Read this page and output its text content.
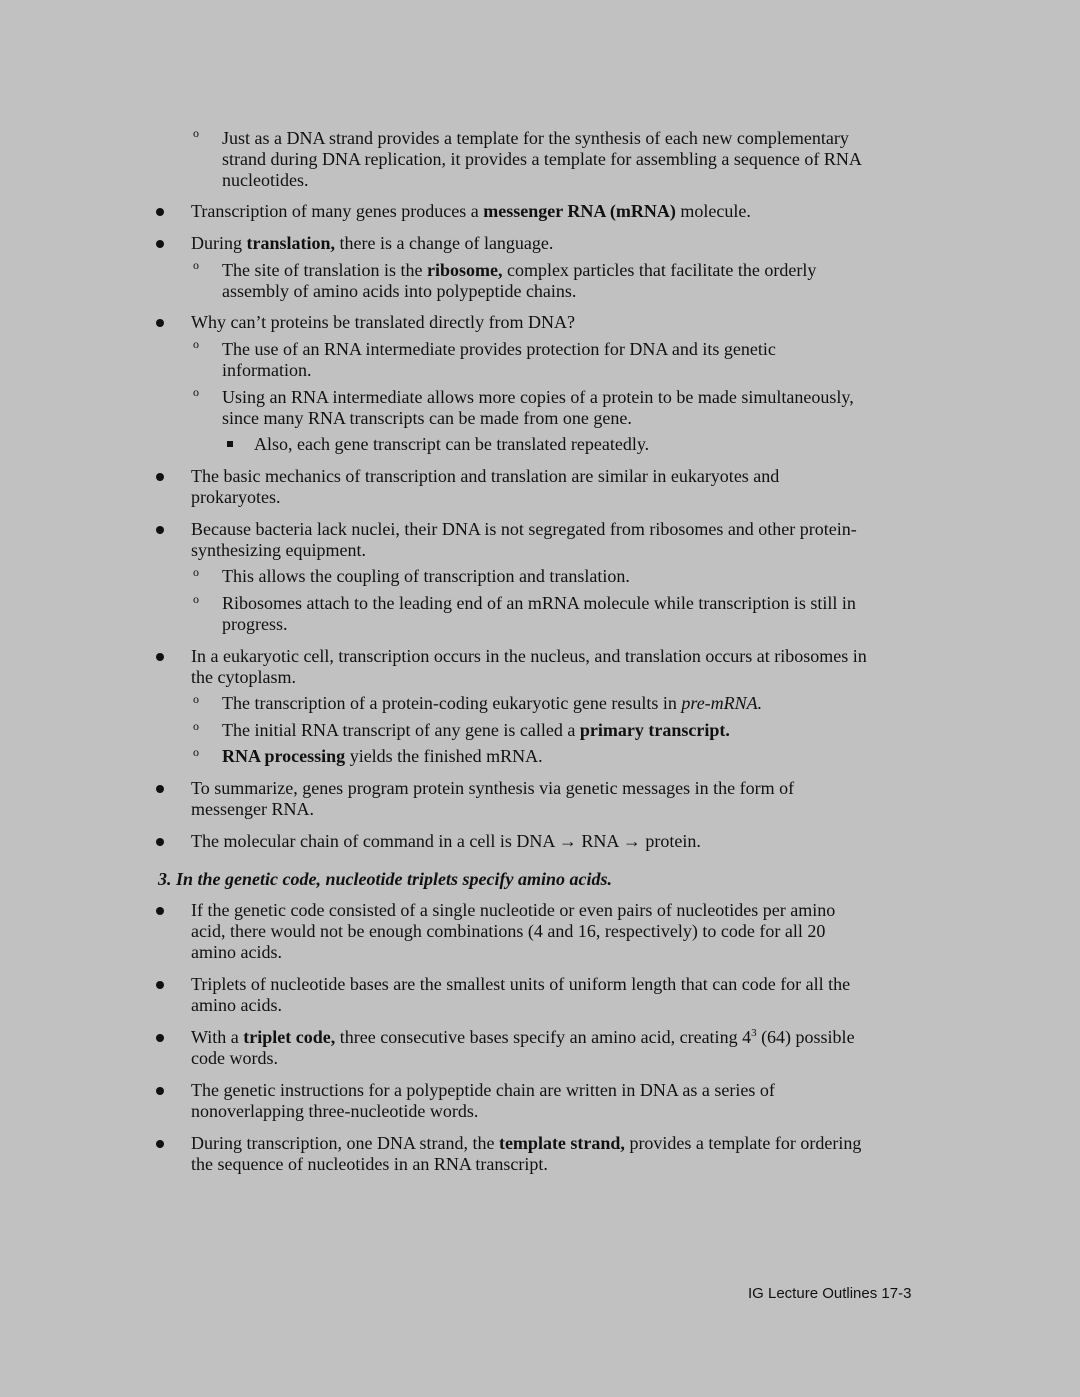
o Just as a DNA strand provides a template for the synthesis of each new complementary

strand during DNA replication, it provides a template for assembling a sequence of RNA

nucleotides.

Transcription of many genes produces a messenger RNA (mRNA) molecule.

During translation, there is a change of language.

o The site of translation is the ribosome, complex particles that facilitate the orderly

assembly of amino acids into polypeptide chains.

Why can’t proteins be translated directly from DNA?

o The use of an RNA intermediate provides protection for DNA and its genetic

information.

o Using an RNA intermediate allows more copies of a protein to be made simultaneously,

since many RNA transcripts can be made from one gene.

Also, each gene transcript can be translated repeatedly.

The basic mechanics of transcription and translation are similar in eukaryotes and

prokaryotes.

Because bacteria lack nuclei, their DNA is not segregated from ribosomes and other protein-

synthesizing equipment.

o This allows the coupling of transcription and translation.

o Ribosomes attach to the leading end of an mRNA molecule while transcription is still in

progress.

In a eukaryotic cell, transcription occurs in the nucleus, and translation occurs at ribosomes in

the cytoplasm.

o The transcription of a protein-coding eukaryotic gene results in pre-mRNA.

o The initial RNA transcript of any gene is called a primary transcript.

o RNA processing yields the finished mRNA.

To summarize, genes program protein synthesis via genetic messages in the form of

messenger RNA.

The molecular chain of command in a cell is DNA → RNA → protein.

3. In the genetic code, nucleotide triplets specify amino acids.

If the genetic code consisted of a single nucleotide or even pairs of nucleotides per amino

acid, there would not be enough combinations (4 and 16, respectively) to code for all 20

amino acids.

Triplets of nucleotide bases are the smallest units of uniform length that can code for all the

amino acids.

With a triplet code, three consecutive bases specify an amino acid, creating $4^3$ (64) possible

code words.

The genetic instructions for a polypeptide chain are written in DNA as a series of

nonoverlapping three-nucleotide words.

During transcription, one DNA strand, the template strand, provides a template for ordering

the sequence of nucleotides in an RNA transcript.

IG Lecture Outlines 17-3
